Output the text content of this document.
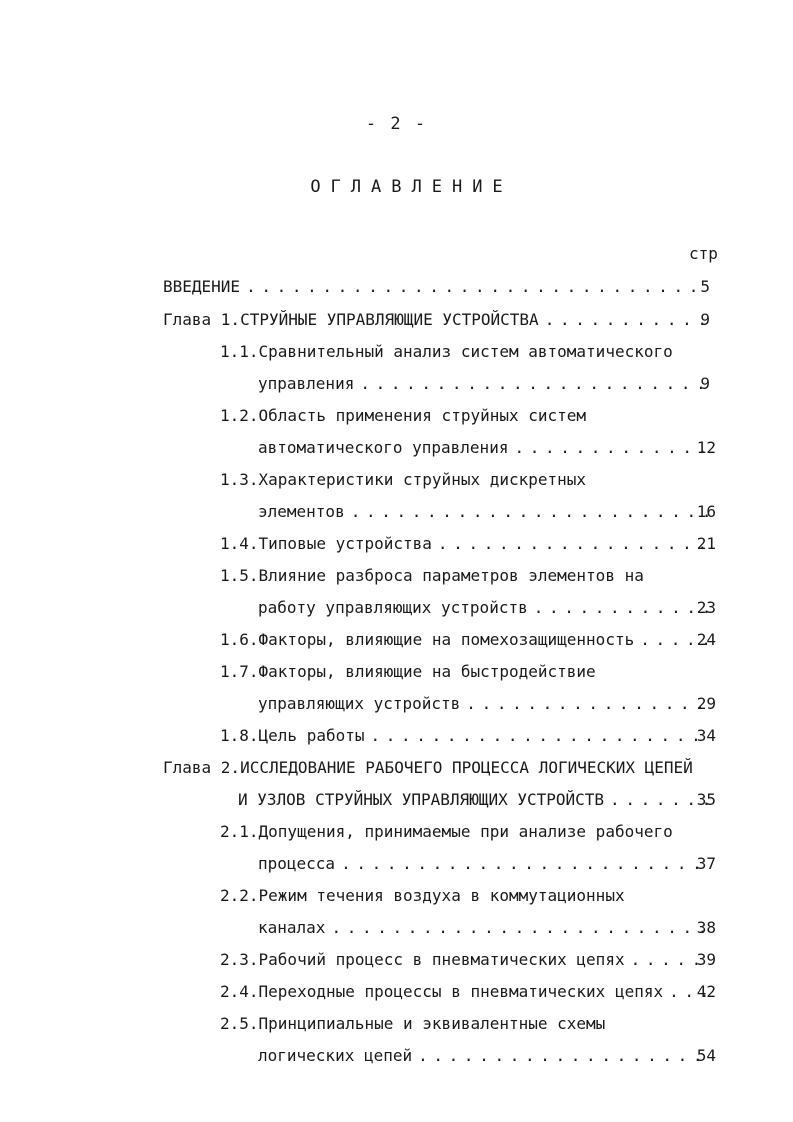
- 2 -
ОГЛАВЛЕНИЕ
стр
ВВЕДЕНИЕ . . .	5
Глава 1. СТРУЙНЫЕ УПРАВЛЯЮЩИЕ УСТРОЙСТВА . . .	9
1.1.Сравнительный анализ систем автоматического
управления . . .	9
1.2.Область применения струйных систем
автоматического управления . . .	12
1.3.Характеристики струйных дискретных
элементов . . .	16
1.4. Типовые устройства . . .	21
1.5.Влияние разброса параметров элементов на
работу управляющих устройств . . .	23
1.6. Факторы, влияющие на помехозащищенность . . .	24
1.7.Факторы, влияющие на быстродействие
управляющих устройств . . .	29
1.8. Цель работы . . .	34
Глава 2.ИССЛЕДОВАНИЕ РАБОЧЕГО ПРОЦЕССА ЛОГИЧЕСКИХ ЦЕПЕЙ
И УЗЛОВ СТРУЙНЫХ УПРАВЛЯЮЩИХ УСТРОЙСТВ . . .	35
2.1.Допущения, принимаемые при анализе рабочего
процесса . . .	37
2.2.Режим течения воздуха в коммутационных
каналах . . .	38
2.3. Рабочий процесс в пневматических цепях . . .	39
2.4. Переходные процессы в пневматических цепях . . . 42
2.5.Принципиальные и эквивалентные схемы
логических цепей . . .	54
